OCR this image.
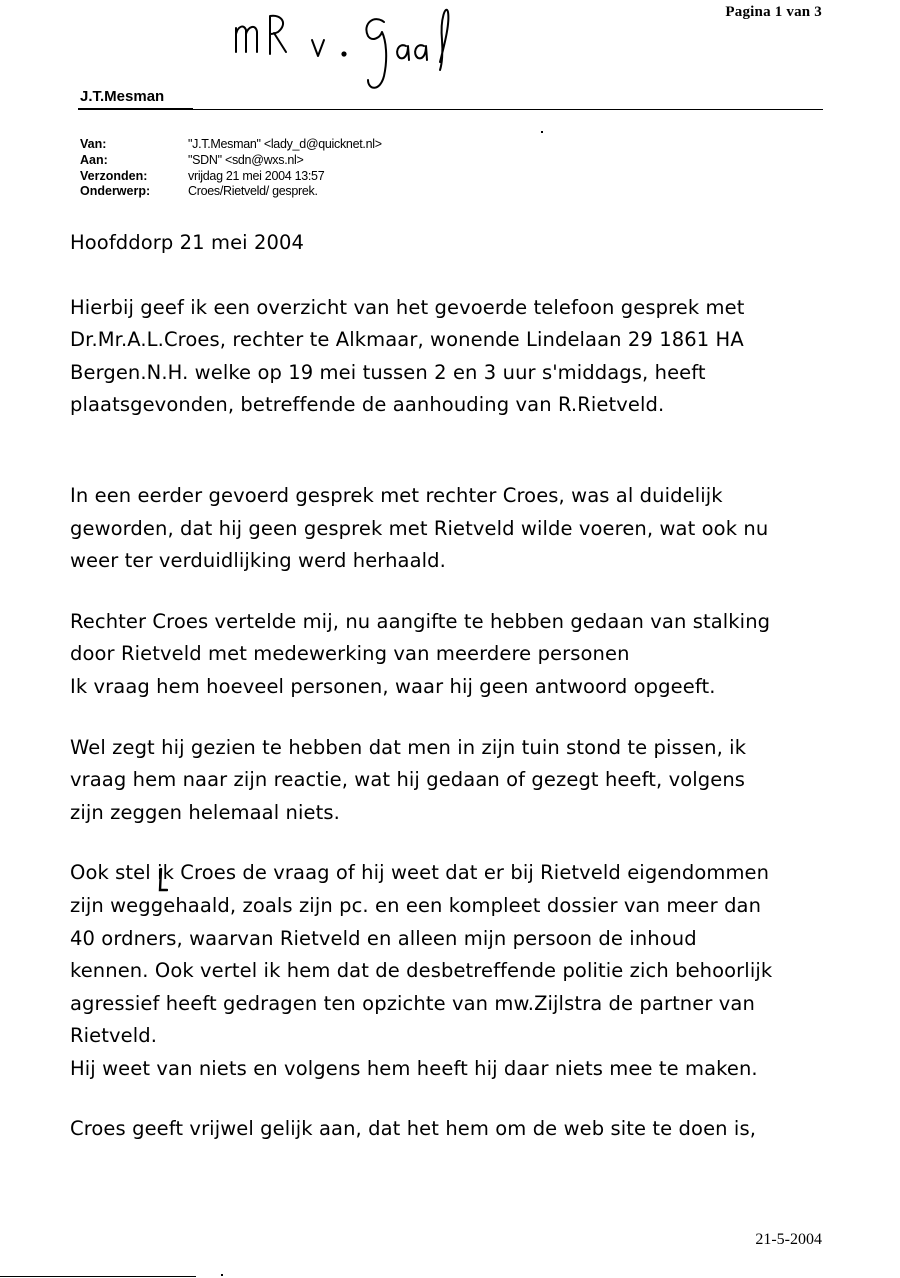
Pagina 1 van 3
J.T.Mesman
Van:	"J.T.Mesman" <lady_d@quicknet.nl>
Aan:	"SDN" <sdn@wxs.nl>
Verzonden:	vrijdag 21 mei 2004 13:57
Onderwerp:	Croes/Rietveld/ gesprek.

Hoofddorp 21 mei 2004

Hierbij geef ik een overzicht van het gevoerde telefoon gesprek met

Dr.Mr.A.L.Croes, rechter te Alkmaar, wonende Lindelaan 29 1861 HA

Bergen.N.H. welke op 19 mei tussen 2 en 3 uur s'middags, heeft

plaatsgevonden, betreffende de aanhouding van R.Rietveld.

In een eerder gevoerd gesprek met rechter Croes, was al duidelijk

geworden, dat hij geen gesprek met Rietveld wilde voeren, wat ook nu

weer ter verduidlijking werd herhaald.

Rechter Croes vertelde mij, nu aangifte te hebben gedaan van stalking

door Rietveld met medewerking van meerdere personen

Ik vraag hem hoeveel personen, waar hij geen antwoord opgeeft.

Wel zegt hij gezien te hebben dat men in zijn tuin stond te pissen, ik

vraag hem naar zijn reactie, wat hij gedaan of gezegt heeft, volgens

zijn zeggen helemaal niets.

Ook stel ik Croes de vraag of hij weet dat er bij Rietveld eigendommen

zijn weggehaald, zoals zijn pc. en een kompleet dossier van meer dan

40 ordners, waarvan Rietveld en alleen mijn persoon de inhoud

kennen. Ook vertel ik hem dat de desbetreffende politie zich behoorlijk

agressief heeft gedragen ten opzichte van mw.Zijlstra de partner van

Rietveld.

Hij weet van niets en volgens hem heeft hij daar niets mee te maken.

Croes geeft vrijwel gelijk aan, dat het hem om de web site te doen is,

21-5-2004
